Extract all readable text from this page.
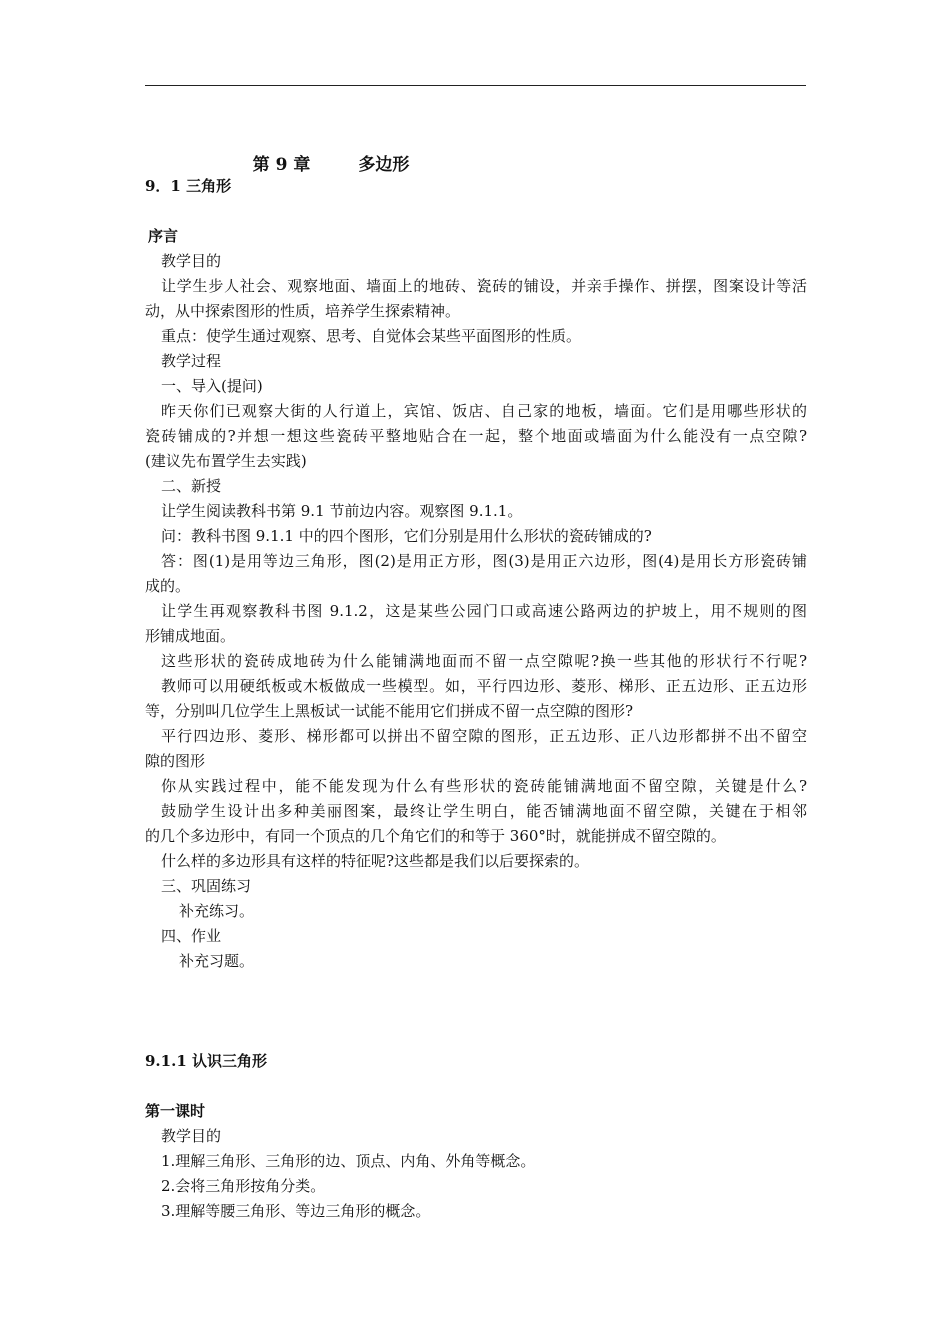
第 9 章	多边形
9．1 三角形
序言
教学目的
让学生步人社会、观察地面、墙面上的地砖、瓷砖的铺设，并亲手操作、拼摆，图案设计等活
动，从中探索图形的性质，培养学生探索精神。
重点：使学生通过观察、思考、自觉体会某些平面图形的性质。
教学过程
一、导入(提问)
昨天你们已观察大街的人行道上，宾馆、饭店、自己家的地板，墙面。它们是用哪些形状的
瓷砖铺成的?并想一想这些瓷砖平整地贴合在一起，整个地面或墙面为什么能没有一点空隙?
(建议先布置学生去实践)
二、新授
让学生阅读教科书第 9.1 节前边内容。观察图 9.1.1。
问：教科书图 9.1.1 中的四个图形，它们分别是用什么形状的瓷砖铺成的?
答：图(1)是用等边三角形，图(2)是用正方形，图(3)是用正六边形，图(4)是用长方形瓷砖铺
成的。
让学生再观察教科书图 9.1.2，这是某些公园门口或高速公路两边的护坡上，用不规则的图
形铺成地面。
这些形状的瓷砖成地砖为什么能铺满地面而不留一点空隙呢?换一些其他的形状行不行呢?
教师可以用硬纸板或木板做成一些模型。如，平行四边形、菱形、梯形、正五边形、正五边形
等，分别叫几位学生上黑板试一试能不能用它们拼成不留一点空隙的图形?
平行四边形、菱形、梯形都可以拼出不留空隙的图形，正五边形、正八边形都拼不出不留空
隙的图形
你从实践过程中，能不能发现为什么有些形状的瓷砖能铺满地面不留空隙，关键是什么?
鼓励学生设计出多种美丽图案，最终让学生明白，能否铺满地面不留空隙，关键在于相邻
的几个多边形中，有同一个顶点的几个角它们的和等于 360°时，就能拼成不留空隙的。
什么样的多边形具有这样的特征呢?这些都是我们以后要探索的。
三、巩固练习
补充练习。
四、作业
补充习题。
9.1.1 认识三角形
第一课时
教学目的
1.理解三角形、三角形的边、顶点、内角、外角等概念。
2.会将三角形按角分类。
3.理解等腰三角形、等边三角形的概念。
